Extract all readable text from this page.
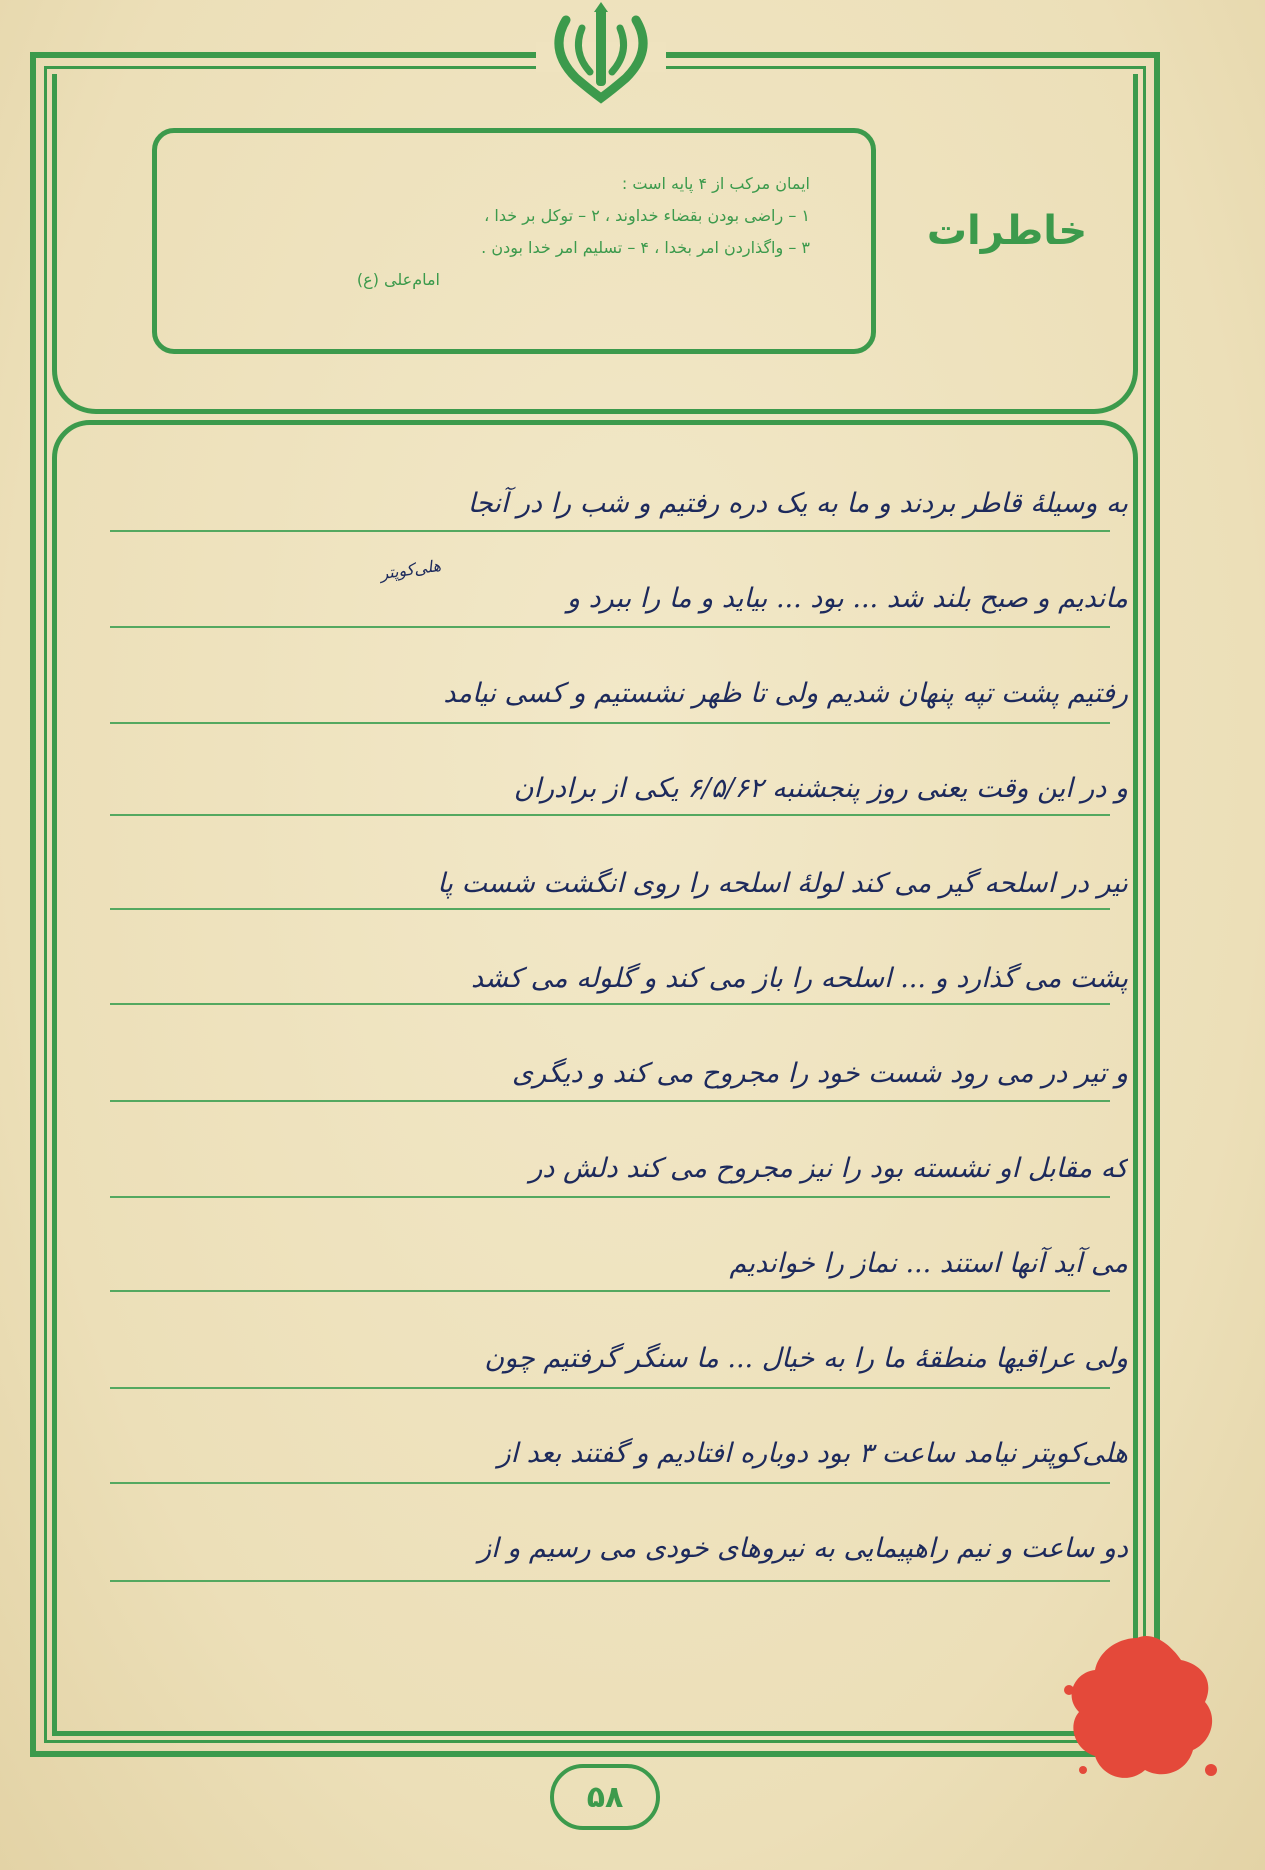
ایمان مرکب از ۴ پایه است :
۱ – راضی بودن بقضاء خداوند ، ۲ – توکل بر خدا ،
۳ – واگذاردن امر بخدا ، ۴ – تسلیم امر خدا بودن .
امام‌علی (ع)
خاطرات
هلی‌کوپتر
به وسیلهٔ قاطر بردند و ما به یک دره رفتیم و شب را در آنجا
ماندیم و صبح بلند شد ... بود ... بیاید و ما را ببرد و
رفتیم پشت تپه پنهان شدیم ولی تا ظهر نشستیم و کسی نیامد
و در این وقت یعنی روز پنجشنبه ۶/۵/۶۲ یکی از برادران
تیر در اسلحه گیر می کند لولهٔ اسلحه را روی انگشت شست پا
پشت می گذارد و ... اسلحه را باز می کند و گلوله می کشد
و تیر در می رود شست خود را مجروح می کند و دیگری
که مقابل او نشسته بود را نیز مجروح می کند دلش در
می آید آنها استند ... نماز را خواندیم
ولی عراقیها منطقهٔ ما را به خیال ... ما سنگر گرفتیم چون
هلی‌کوپتر نیامد ساعت ۳ بود دوباره افتادیم و گفتند بعد از
دو ساعت و نیم راهپیمایی به نیروهای خودی می رسیم و از
۵۸
